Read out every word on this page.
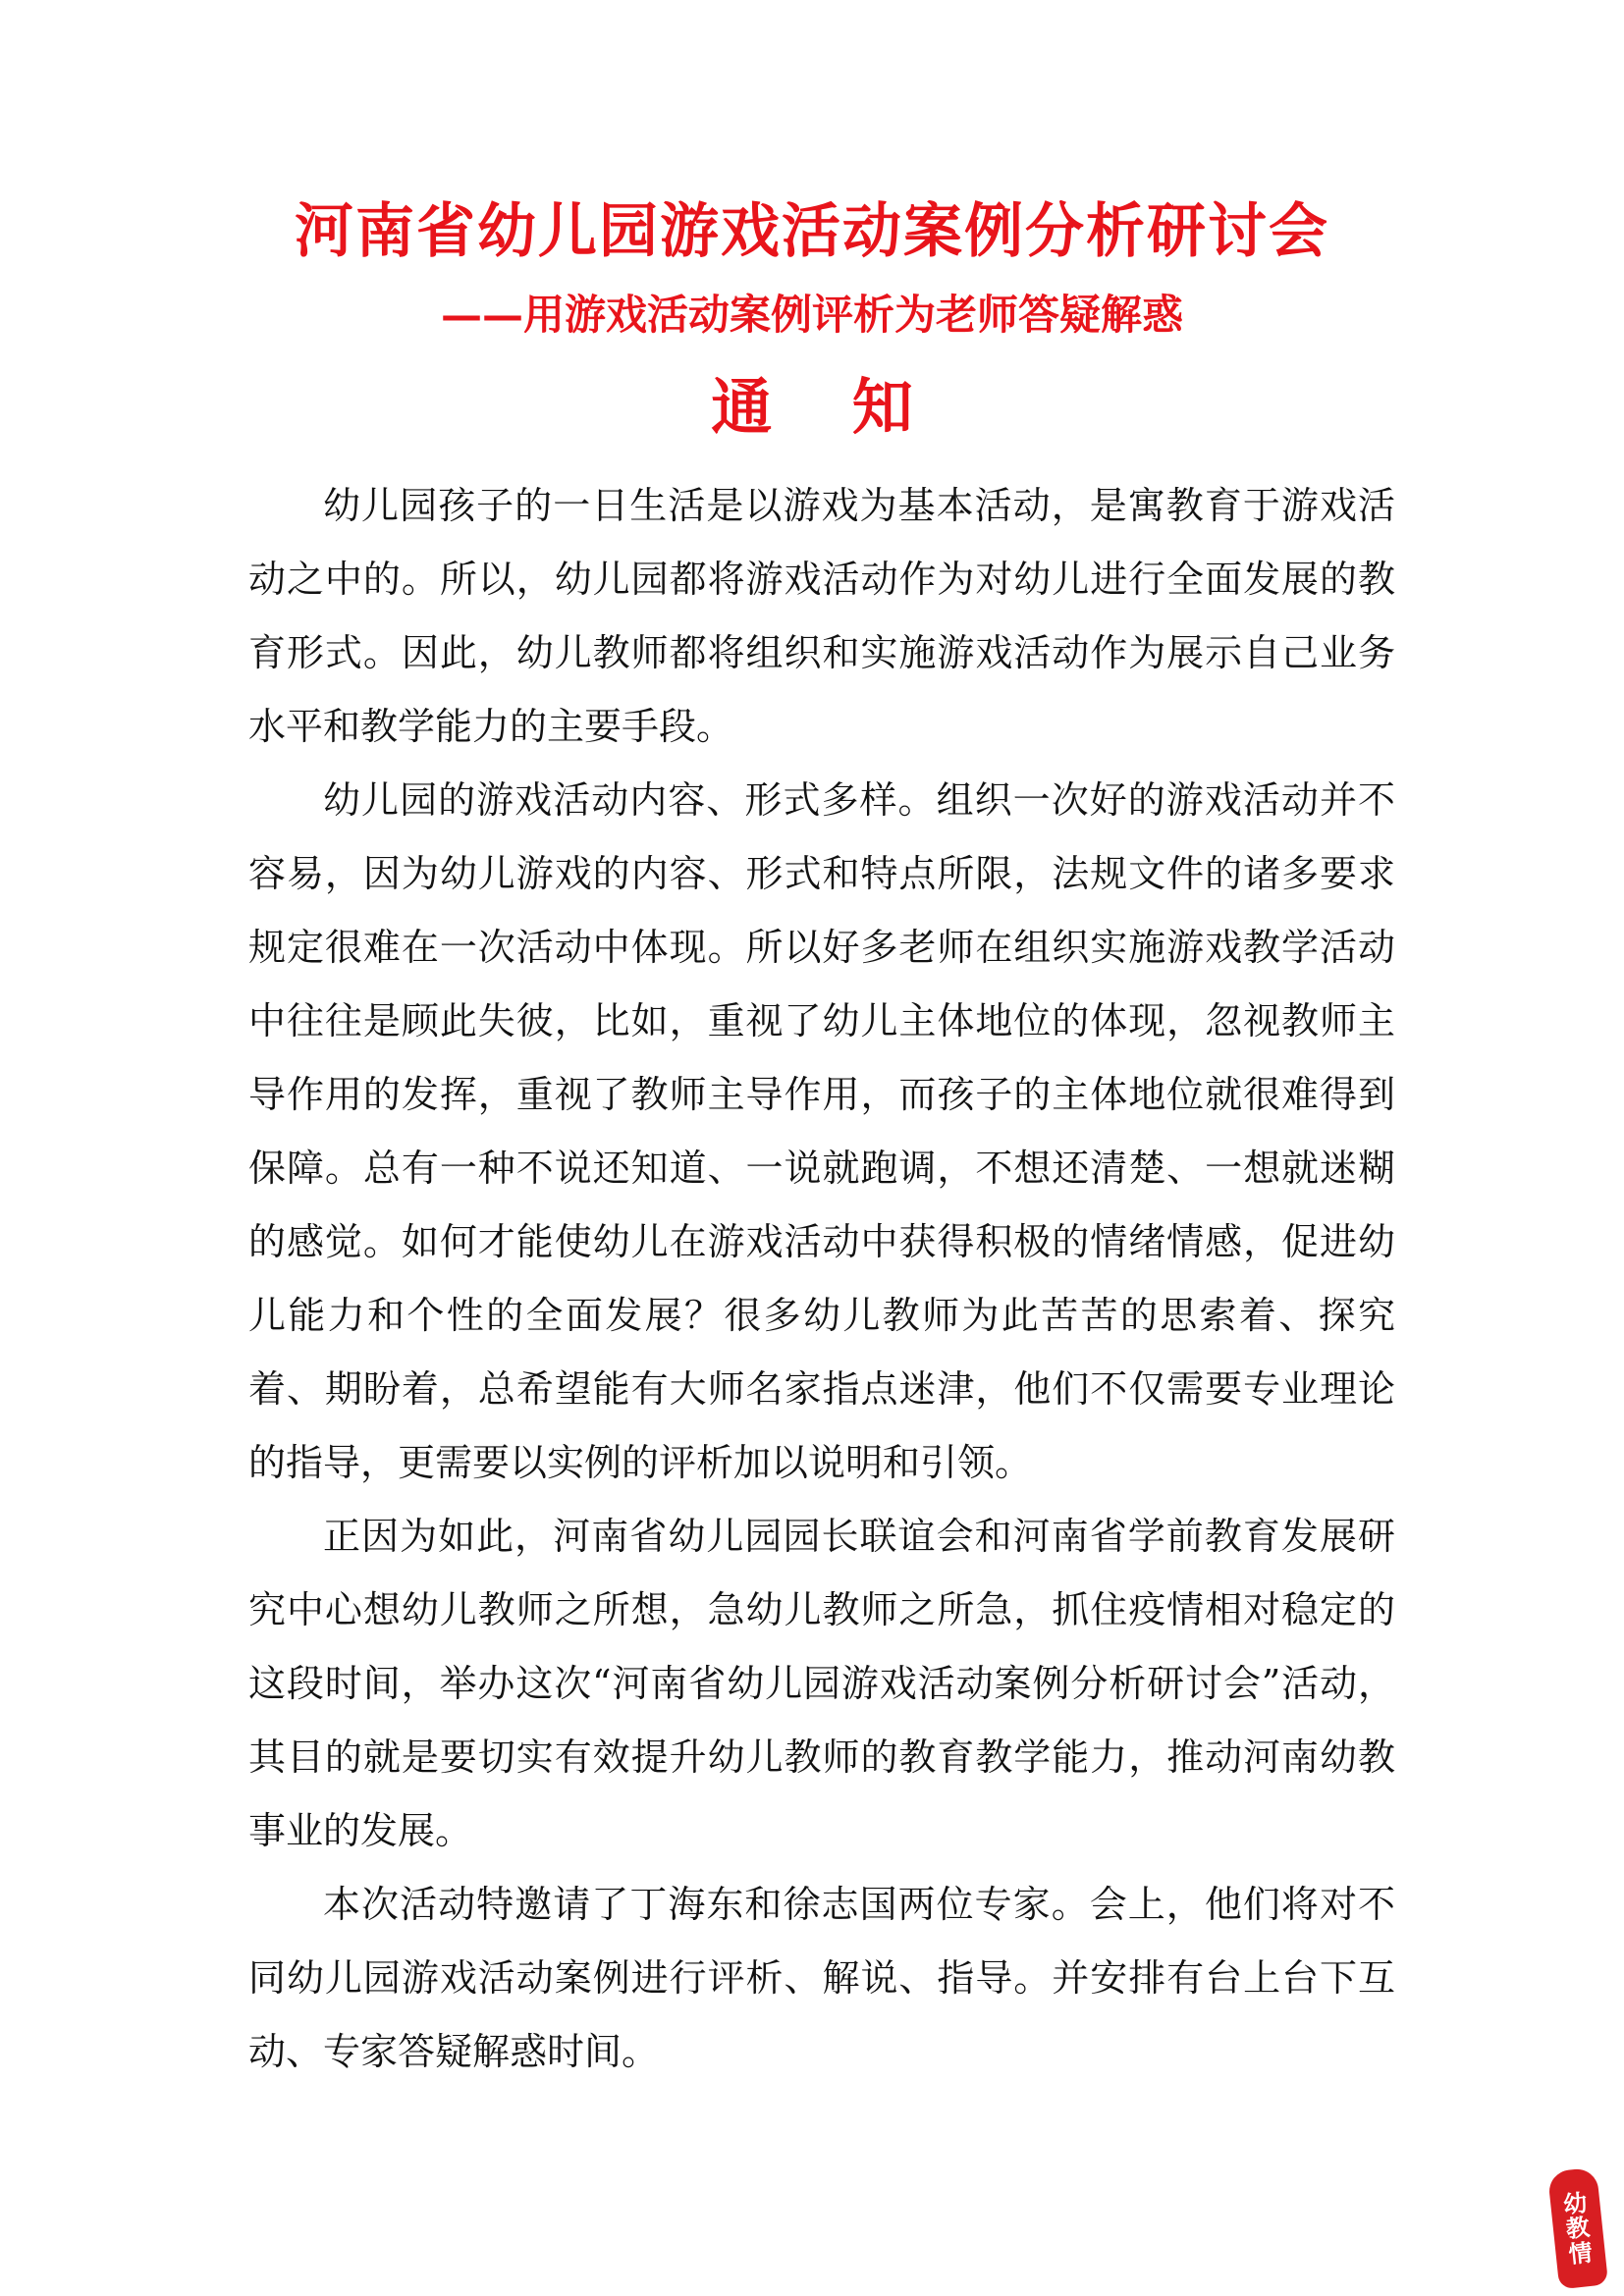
河南省幼儿园游戏活动案例分析研讨会
——用游戏活动案例评析为老师答疑解惑
通 知

幼儿园孩子的一日生活是以游戏为基本活动，是寓教育于游戏活动之中的。所以，幼儿园都将游戏活动作为对幼儿进行全面发展的教育形式。因此，幼儿教师都将组织和实施游戏活动作为展示自己业务水平和教学能力的主要手段。

幼儿园的游戏活动内容、形式多样。组织一次好的游戏活动并不容易，因为幼儿游戏的内容、形式和特点所限，法规文件的诸多要求规定很难在一次活动中体现。所以好多老师在组织实施游戏教学活动中往往是顾此失彼，比如，重视了幼儿主体地位的体现，忽视教师主导作用的发挥，重视了教师主导作用，而孩子的主体地位就很难得到保障。总有一种不说还知道、一说就跑调，不想还清楚、一想就迷糊的感觉。如何才能使幼儿在游戏活动中获得积极的情绪情感，促进幼儿能力和个性的全面发展？很多幼儿教师为此苦苦的思索着、探究着、期盼着，总希望能有大师名家指点迷津，他们不仅需要专业理论的指导，更需要以实例的评析加以说明和引领。

正因为如此，河南省幼儿园园长联谊会和河南省学前教育发展研究中心想幼儿教师之所想，急幼儿教师之所急，抓住疫情相对稳定的这段时间，举办这次“河南省幼儿园游戏活动案例分析研讨会”活动，其目的就是要切实有效提升幼儿教师的教育教学能力，推动河南幼教事业的发展。

本次活动特邀请了丁海东和徐志国两位专家。会上，他们将对不同幼儿园游戏活动案例进行评析、解说、指导。并安排有台上台下互动、专家答疑解惑时间。

幼
教
情
